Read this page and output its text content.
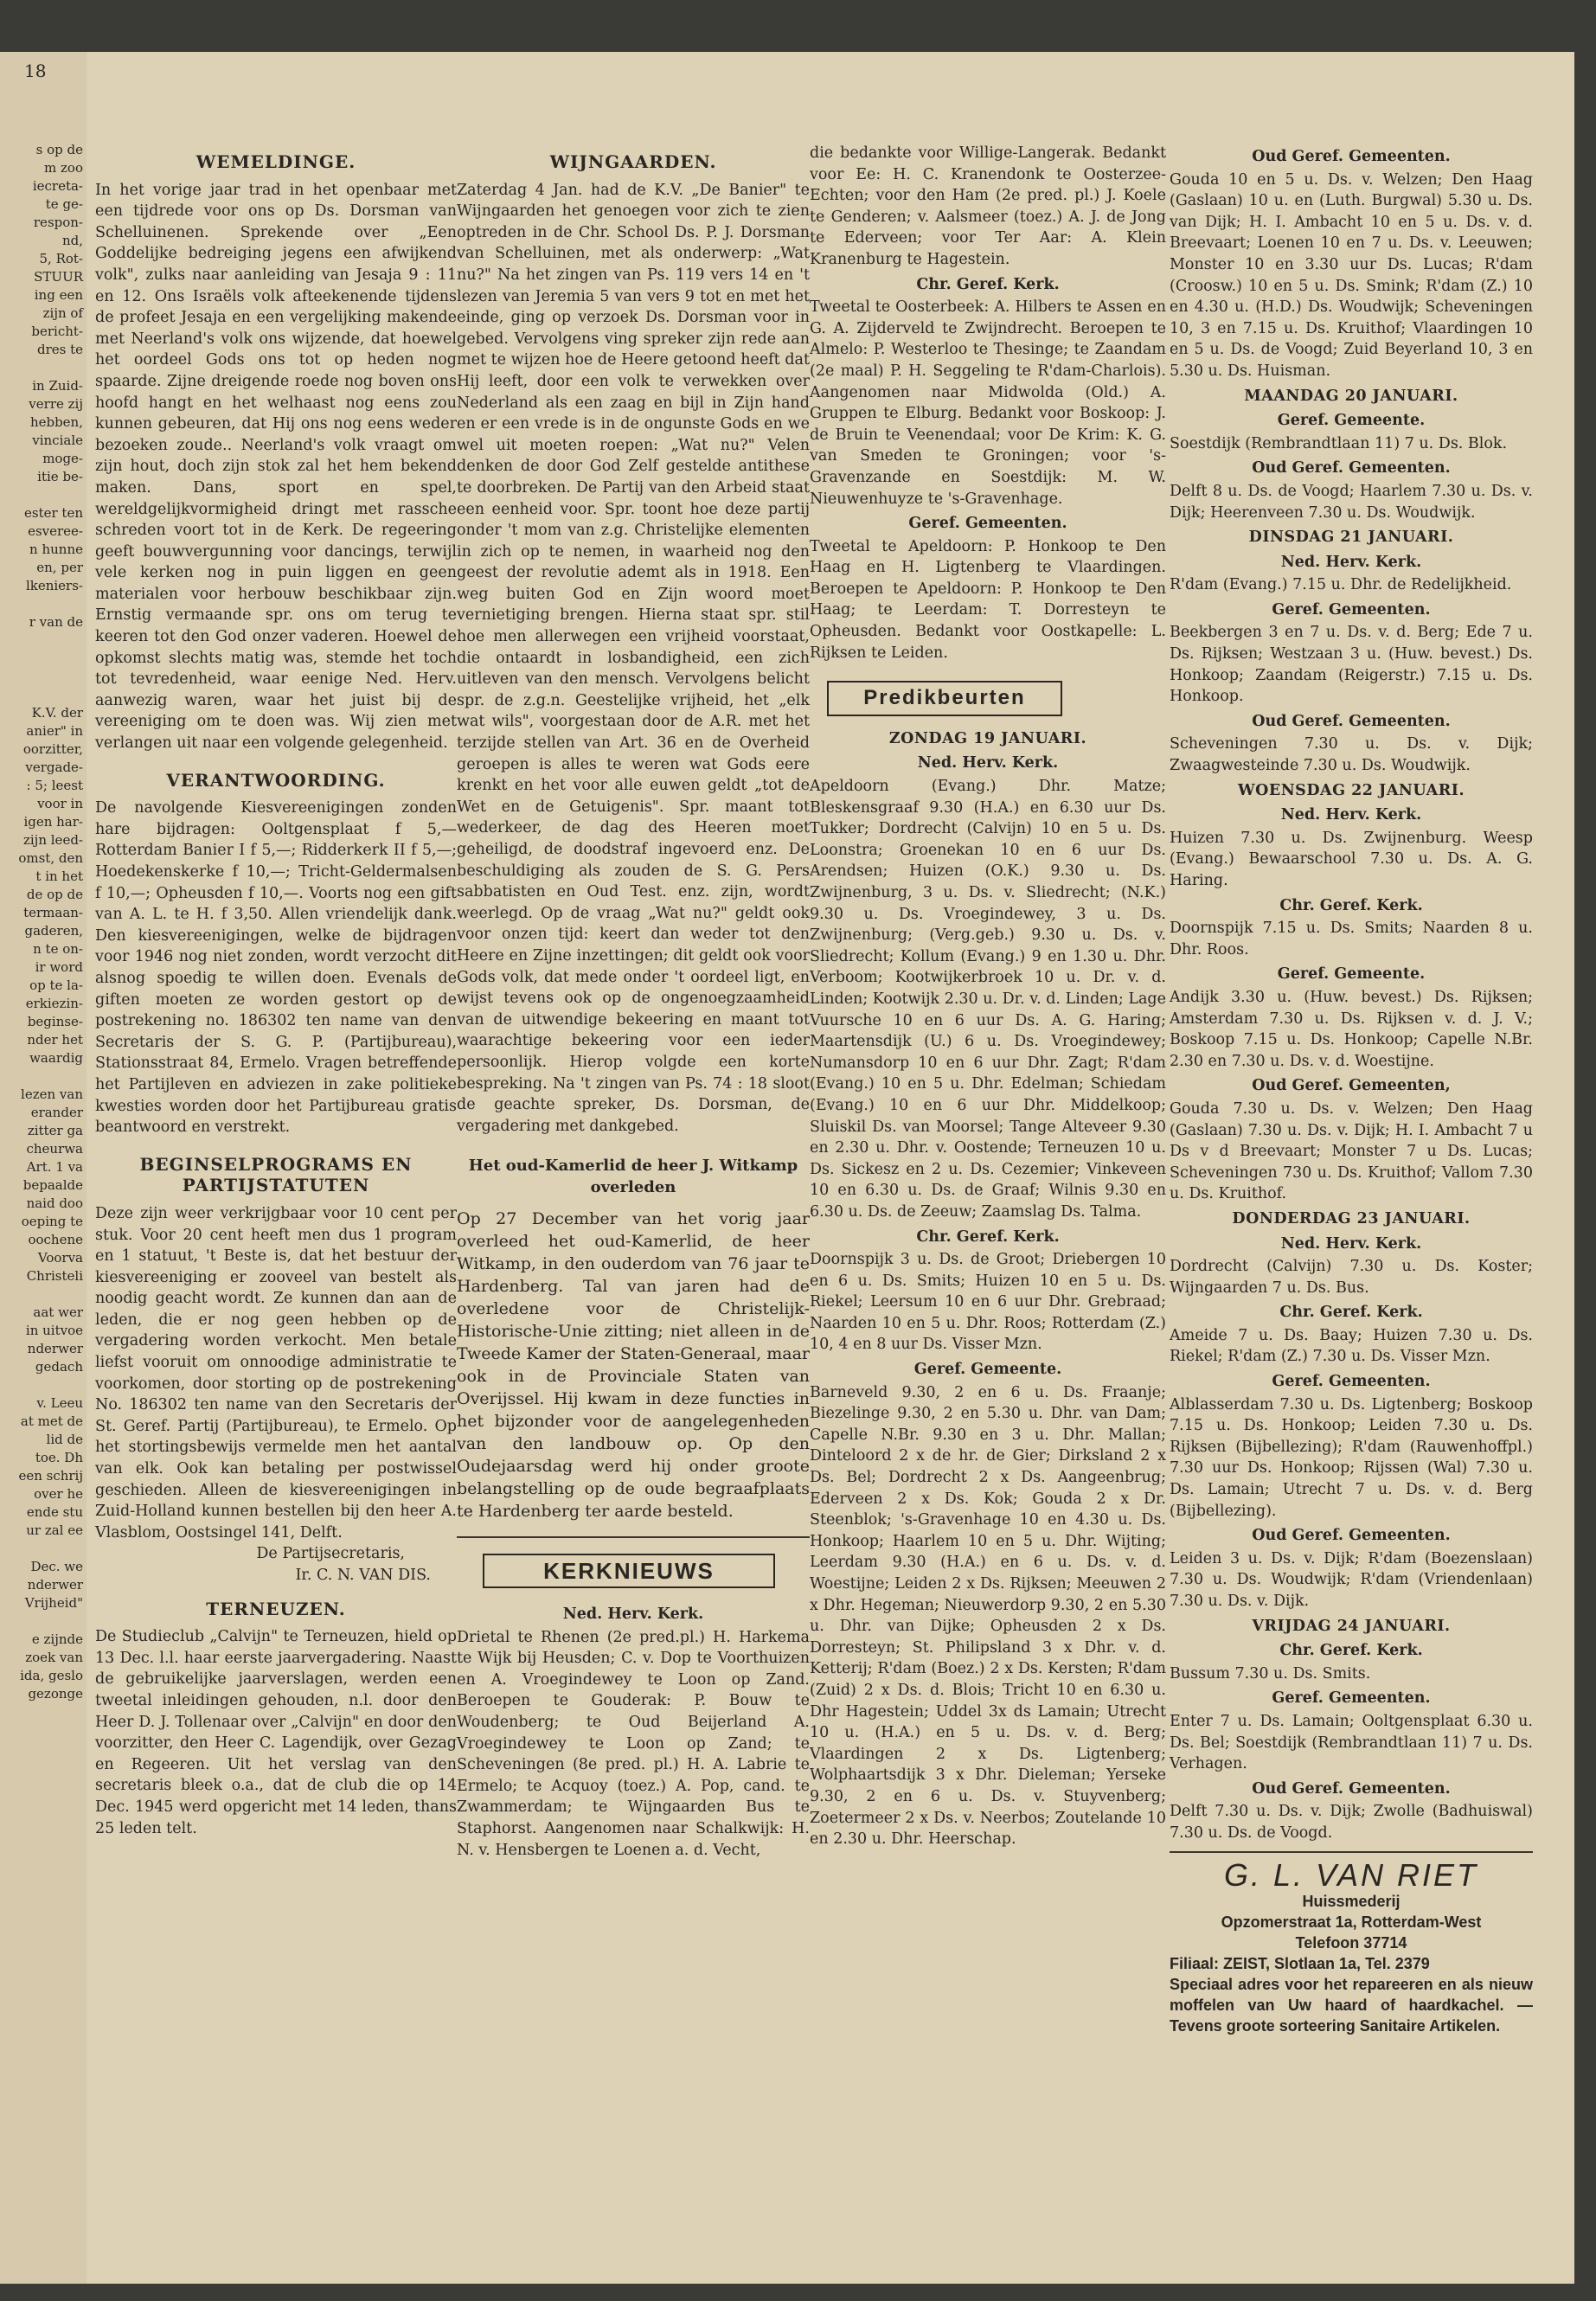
s op de
m zoo
iecreta-
te ge-
respon-
nd,
5, Rot-
STUUR
ing een
zijn of
bericht-
dres te

in Zuid-
verre zij
hebben,
vinciale
moge-
itie be-

ester ten
esveree-
n hunne
en, per
lkeniers-

r van de

K.V. der
anier" in
oorzitter,
vergade-
: 5; leest
voor in
igen har-
zijn leed-
omst, den
t in het
de op de
termaan-
gaderen,
n te on-
ir word
op te la-
erkiezin-
beginse-
nder het
waardig

lezen van
erander
zitter ga
cheurwa
Art. 1 va
bepaalde
naid doo
oeping te
oochene
Voorva
Christeli

aat wer
in uitvoe
nderwer
gedach

v. Leeu
at met de
lid de
toe. Dh
een schrij
over he
ende stu
ur zal ee

Dec. we
nderwer
Vrijheid"

e zijnde
zoek van
ida, geslo
gezonge
18
WEMELDINGE.

In het vorige jaar trad in het openbaar met een tijdrede voor ons op Ds. Dorsman van Schelluinenen. Sprekende over „Een Goddelijke bedreiging jegens een afwijkend volk", zulks naar aanleiding van Jesaja 9 : 11 en 12. Ons Israëls volk afteekenende tijdens de profeet Jesaja en een vergelijking makende met Neerland's volk ons wijzende, dat hoewel het oordeel Gods ons tot op heden nog spaarde. Zijne dreigende roede nog boven ons hoofd hangt en het welhaast nog eens zou kunnen gebeuren, dat Hij ons nog eens weder bezoeken zoude.. Neerland's volk vraagt om zijn hout, doch zijn stok zal het hem bekend maken. Dans, sport en spel, wereldgelijkvormigheid dringt met rassche schreden voort tot in de Kerk. De regeering geeft bouwvergunning voor dancings, terwijl vele kerken nog in puin liggen en geen materialen voor herbouw beschikbaar zijn. Ernstig vermaande spr. ons om terug te keeren tot den God onzer vaderen. Hoewel de opkomst slechts matig was, stemde het toch tot tevredenheid, waar eenige Ned. Herv. aanwezig waren, waar het juist bij de vereeniging om te doen was. Wij zien met verlangen uit naar een volgende gelegenheid.

VERANTWOORDING.

De navolgende Kiesvereenigingen zonden hare bijdragen: Ooltgensplaat f 5,— Rotterdam Banier I f 5,—; Ridderkerk II f 5,—; Hoedekenskerke f 10,—; Tricht-Geldermalsen f 10,—; Opheusden f 10,—. Voorts nog een gift van A. L. te H. f 3,50. Allen vriendelijk dank. Den kiesvereenigingen, welke de bijdragen voor 1946 nog niet zonden, wordt verzocht dit alsnog spoedig te willen doen. Evenals de giften moeten ze worden gestort op de postrekening no. 186302 ten name van den Secretaris der S. G. P. (Partijbureau), Stationsstraat 84, Ermelo. Vragen betreffende het Partijleven en adviezen in zake politieke kwesties worden door het Partijbureau gratis beantwoord en verstrekt.

BEGINSELPROGRAMS EN PARTIJSTATUTEN

Deze zijn weer verkrijgbaar voor 10 cent per stuk. Voor 20 cent heeft men dus 1 program en 1 statuut, 't Beste is, dat het bestuur der kiesvereeniging er zooveel van bestelt als noodig geacht wordt. Ze kunnen dan aan de leden, die er nog geen hebben op de vergadering worden verkocht. Men betale liefst vooruit om onnoodige administratie te voorkomen, door storting op de postrekening No. 186302 ten name van den Secretaris der St. Geref. Partij (Partijbureau), te Ermelo. Op het stortingsbewijs vermelde men het aantal van elk. Ook kan betaling per postwissel geschieden. Alleen de kiesvereenigingen in Zuid-Holland kunnen bestellen bij den heer A. Vlasblom, Oostsingel 141, Delft.

De Partijsecretaris,

Ir. C. N. VAN DIS.

TERNEUZEN.

De Studieclub „Calvijn" te Terneuzen, hield op 13 Dec. l.l. haar eerste jaarvergadering. Naast de gebruikelijke jaarverslagen, werden een tweetal inleidingen gehouden, n.l. door den Heer D. J. Tollenaar over „Calvijn" en door den voorzitter, den Heer C. Lagendijk, over Gezag en Regeeren. Uit het verslag van den secretaris bleek o.a., dat de club die op 14 Dec. 1945 werd opgericht met 14 leden, thans 25 leden telt.

WIJNGAARDEN.

Zaterdag 4 Jan. had de K.V. „De Banier" te Wijngaarden het genoegen voor zich te zien optreden in de Chr. School Ds. P. J. Dorsman van Schelluinen, met als onderwerp: „Wat nu?" Na het zingen van Ps. 119 vers 14 en 't lezen van Jeremia 5 van vers 9 tot en met het einde, ging op verzoek Ds. Dorsman voor in gebed. Vervolgens ving spreker zijn rede aan met te wijzen hoe de Heere getoond heeft dat Hij leeft, door een volk te verwekken over Nederland als een zaag en bijl in Zijn hand en er een vrede is in de ongunste Gods en we wel uit moeten roepen: „Wat nu?" Velen denken de door God Zelf gestelde antithese te doorbreken. De Partij van den Arbeid staat een eenheid voor. Spr. toont hoe deze partij onder 't mom van z.g. Christelijke elementen in zich op te nemen, in waarheid nog den geest der revolutie ademt als in 1918. Een weg buiten God en Zijn woord moet vernietiging brengen. Hierna staat spr. stil hoe men allerwegen een vrijheid voorstaat, die ontaardt in losbandigheid, een zich uitleven van den mensch. Vervolgens belicht spr. de z.g.n. Geestelijke vrijheid, het „elk wat wils", voorgestaan door de A.R. met het terzijde stellen van Art. 36 en de Overheid geroepen is alles te weren wat Gods eere krenkt en het voor alle euwen geldt „tot de Wet en de Getuigenis". Spr. maant tot wederkeer, de dag des Heeren moet geheiligd, de doodstraf ingevoerd enz. De beschuldiging als zouden de S. G. Pers sabbatisten en Oud Test. enz. zijn, wordt weerlegd. Op de vraag „Wat nu?" geldt ook voor onzen tijd: keert dan weder tot den Heere en Zijne inzettingen; dit geldt ook voor Gods volk, dat mede onder 't oordeel ligt, en wijst tevens ook op de ongenoegzaamheid van de uitwendige bekeering en maant tot waarachtige bekeering voor een ieder persoonlijk. Hierop volgde een korte bespreking. Na 't zingen van Ps. 74 : 18 sloot de geachte spreker, Ds. Dorsman, de vergadering met dankgebed.

Het oud-Kamerlid de heer J. Witkamp overleden

Op 27 December van het vorig jaar overleed het oud-Kamerlid, de heer Witkamp, in den ouderdom van 76 jaar te Hardenberg. Tal van jaren had de overledene voor de Christelijk-Historische-Unie zitting; niet alleen in de Tweede Kamer der Staten-Generaal, maar ook in de Provinciale Staten van Overijssel. Hij kwam in deze functies in het bijzonder voor de aangelegenheden van den landbouw op. Op den Oudejaarsdag werd hij onder groote belangstelling op de oude begraafplaats te Hardenberg ter aarde besteld.

KERKNIEUWS
Ned. Herv. Kerk.

Drietal te Rhenen (2e pred.pl.) H. Harkema te Wijk bij Heusden; C. v. Dop te Voorthuizen en A. Vroegindewey te Loon op Zand. Beroepen te Gouderak: P. Bouw te Woudenberg; te Oud Beijerland A. Vroegindewey te Loon op Zand; te Scheveningen (8e pred. pl.) H. A. Labrie te Ermelo; te Acquoy (toez.) A. Pop, cand. te Zwammerdam; te Wijngaarden Bus te Staphorst. Aangenomen naar Schalkwijk: H. N. v. Hensbergen te Loenen a. d. Vecht,

die bedankte voor Willige-Langerak. Bedankt voor Ee: H. C. Kranendonk te Oosterzee-Echten; voor den Ham (2e pred. pl.) J. Koele te Genderen; v. Aalsmeer (toez.) A. J. de Jong te Ederveen; voor Ter Aar: A. Klein Kranenburg te Hagestein.

Chr. Geref. Kerk.

Tweetal te Oosterbeek: A. Hilbers te Assen en G. A. Zijderveld te Zwijndrecht. Beroepen te Almelo: P. Westerloo te Thesinge; te Zaandam (2e maal) P. H. Seggeling te R'dam-Charlois). Aangenomen naar Midwolda (Old.) A. Gruppen te Elburg. Bedankt voor Boskoop: J. de Bruin te Veenendaal; voor De Krim: K. G. van Smeden te Groningen; voor 's-Gravenzande en Soestdijk: M. W. Nieuwenhuyze te 's-Gravenhage.

Geref. Gemeenten.

Tweetal te Apeldoorn: P. Honkoop te Den Haag en H. Ligtenberg te Vlaardingen. Beroepen te Apeldoorn: P. Honkoop te Den Haag; te Leerdam: T. Dorresteyn te Opheusden. Bedankt voor Oostkapelle: L. Rijksen te Leiden.

Predikbeurten
ZONDAG 19 JANUARI.
Ned. Herv. Kerk.

Apeldoorn (Evang.) Dhr. Matze; Bleskensgraaf 9.30 (H.A.) en 6.30 uur Ds. Tukker; Dordrecht (Calvijn) 10 en 5 u. Ds. Loonstra; Groenekan 10 en 6 uur Ds. Arendsen; Huizen (O.K.) 9.30 u. Ds. Zwijnenburg, 3 u. Ds. v. Sliedrecht; (N.K.) 9.30 u. Ds. Vroegindewey, 3 u. Ds. Zwijnenburg; (Verg.geb.) 9.30 u. Ds. v. Sliedrecht; Kollum (Evang.) 9 en 1.30 u. Dhr. Verboom; Kootwijkerbroek 10 u. Dr. v. d. Linden; Kootwijk 2.30 u. Dr. v. d. Linden; Lage Vuursche 10 en 6 uur Ds. A. G. Haring; Maartensdijk (U.) 6 u. Ds. Vroegindewey; Numansdorp 10 en 6 uur Dhr. Zagt; R'dam (Evang.) 10 en 5 u. Dhr. Edelman; Schiedam (Evang.) 10 en 6 uur Dhr. Middelkoop; Sluiskil Ds. van Moorsel; Tange Alteveer 9.30 en 2.30 u. Dhr. v. Oostende; Terneuzen 10 u. Ds. Sickesz en 2 u. Ds. Cezemier; Vinkeveen 10 en 6.30 u. Ds. de Graaf; Wilnis 9.30 en 6.30 u. Ds. de Zeeuw; Zaamslag Ds. Talma.

Chr. Geref. Kerk.

Doornspijk 3 u. Ds. de Groot; Driebergen 10 en 6 u. Ds. Smits; Huizen 10 en 5 u. Ds. Riekel; Leersum 10 en 6 uur Dhr. Grebraad; Naarden 10 en 5 u. Dhr. Roos; Rotterdam (Z.) 10, 4 en 8 uur Ds. Visser Mzn.

Geref. Gemeente.

Barneveld 9.30, 2 en 6 u. Ds. Fraanje; Biezelinge 9.30, 2 en 5.30 u. Dhr. van Dam; Capelle N.Br. 9.30 en 3 u. Dhr. Mallan; Dinteloord 2 x de hr. de Gier; Dirksland 2 x Ds. Bel; Dordrecht 2 x Ds. Aangeenbrug; Ederveen 2 x Ds. Kok; Gouda 2 x Dr. Steenblok; 's-Gravenhage 10 en 4.30 u. Ds. Honkoop; Haarlem 10 en 5 u. Dhr. Wijting; Leerdam 9.30 (H.A.) en 6 u. Ds. v. d. Woestijne; Leiden 2 x Ds. Rijksen; Meeuwen 2 x Dhr. Hegeman; Nieuwerdorp 9.30, 2 en 5.30 u. Dhr. van Dijke; Opheusden 2 x Ds. Dorresteyn; St. Philipsland 3 x Dhr. v. d. Ketterij; R'dam (Boez.) 2 x Ds. Kersten; R'dam (Zuid) 2 x Ds. d. Blois; Tricht 10 en 6.30 u. Dhr Hagestein; Uddel 3x ds Lamain; Utrecht 10 u. (H.A.) en 5 u. Ds. v. d. Berg; Vlaardingen 2 x Ds. Ligtenberg; Wolphaartsdijk 3 x Dhr. Dieleman; Yerseke 9.30, 2 en 6 u. Ds. v. Stuyvenberg; Zoetermeer 2 x Ds. v. Neerbos; Zoutelande 10 en 2.30 u. Dhr. Heerschap.

Oud Geref. Gemeenten.

Gouda 10 en 5 u. Ds. v. Welzen; Den Haag (Gaslaan) 10 u. en (Luth. Burgwal) 5.30 u. Ds. van Dijk; H. I. Ambacht 10 en 5 u. Ds. v. d. Breevaart; Loenen 10 en 7 u. Ds. v. Leeuwen; Monster 10 en 3.30 uur Ds. Lucas; R'dam (Croosw.) 10 en 5 u. Ds. Smink; R'dam (Z.) 10 en 4.30 u. (H.D.) Ds. Woudwijk; Scheveningen 10, 3 en 7.15 u. Ds. Kruithof; Vlaardingen 10 en 5 u. Ds. de Voogd; Zuid Beyerland 10, 3 en 5.30 u. Ds. Huisman.

MAANDAG 20 JANUARI.
Geref. Gemeente.

Soestdijk (Rembrandtlaan 11) 7 u. Ds. Blok.

Oud Geref. Gemeenten.

Delft 8 u. Ds. de Voogd; Haarlem 7.30 u. Ds. v. Dijk; Heerenveen 7.30 u. Ds. Woudwijk.

DINSDAG 21 JANUARI.
Ned. Herv. Kerk.

R'dam (Evang.) 7.15 u. Dhr. de Redelijkheid.

Geref. Gemeenten.

Beekbergen 3 en 7 u. Ds. v. d. Berg; Ede 7 u. Ds. Rijksen; Westzaan 3 u. (Huw. bevest.) Ds. Honkoop; Zaandam (Reigerstr.) 7.15 u. Ds. Honkoop.

Oud Geref. Gemeenten.

Scheveningen 7.30 u. Ds. v. Dijk; Zwaagwesteinde 7.30 u. Ds. Woudwijk.

WOENSDAG 22 JANUARI.
Ned. Herv. Kerk.

Huizen 7.30 u. Ds. Zwijnenburg. Weesp (Evang.) Bewaarschool 7.30 u. Ds. A. G. Haring.

Chr. Geref. Kerk.

Doornspijk 7.15 u. Ds. Smits; Naarden 8 u. Dhr. Roos.

Geref. Gemeente.

Andijk 3.30 u. (Huw. bevest.) Ds. Rijksen; Amsterdam 7.30 u. Ds. Rijksen v. d. J. V.; Boskoop 7.15 u. Ds. Honkoop; Capelle N.Br. 2.30 en 7.30 u. Ds. v. d. Woestijne.

Oud Geref. Gemeenten,

Gouda 7.30 u. Ds. v. Welzen; Den Haag (Gaslaan) 7.30 u. Ds. v. Dijk; H. I. Ambacht 7 u Ds v d Breevaart; Monster 7 u Ds. Lucas; Scheveningen 730 u. Ds. Kruithof; Vallom 7.30 u. Ds. Kruithof.

DONDERDAG 23 JANUARI.
Ned. Herv. Kerk.

Dordrecht (Calvijn) 7.30 u. Ds. Koster; Wijngaarden 7 u. Ds. Bus.

Chr. Geref. Kerk.

Ameide 7 u. Ds. Baay; Huizen 7.30 u. Ds. Riekel; R'dam (Z.) 7.30 u. Ds. Visser Mzn.

Geref. Gemeenten.

Alblasserdam 7.30 u. Ds. Ligtenberg; Boskoop 7.15 u. Ds. Honkoop; Leiden 7.30 u. Ds. Rijksen (Bijbellezing); R'dam (Rauwenhoffpl.) 7.30 uur Ds. Honkoop; Rijssen (Wal) 7.30 u. Ds. Lamain; Utrecht 7 u. Ds. v. d. Berg (Bijbellezing).

Oud Geref. Gemeenten.

Leiden 3 u. Ds. v. Dijk; R'dam (Boezenslaan) 7.30 u. Ds. Woudwijk; R'dam (Vriendenlaan) 7.30 u. Ds. v. Dijk.

VRIJDAG 24 JANUARI.
Chr. Geref. Kerk.

Bussum 7.30 u. Ds. Smits.

Geref. Gemeenten.

Enter 7 u. Ds. Lamain; Ooltgensplaat 6.30 u. Ds. Bel; Soestdijk (Rembrandtlaan 11) 7 u. Ds. Verhagen.

Oud Geref. Gemeenten.

Delft 7.30 u. Ds. v. Dijk; Zwolle (Badhuiswal) 7.30 u. Ds. de Voogd.

G. L. VAN RIET

Huissmederij

Opzomerstraat 1a, Rotterdam-West

Telefoon 37714

Filiaal: ZEIST, Slotlaan 1a, Tel. 2379

Speciaal adres voor het repareeren en als nieuw moffelen van Uw haard of haardkachel. — Tevens groote sorteering Sanitaire Artikelen.
